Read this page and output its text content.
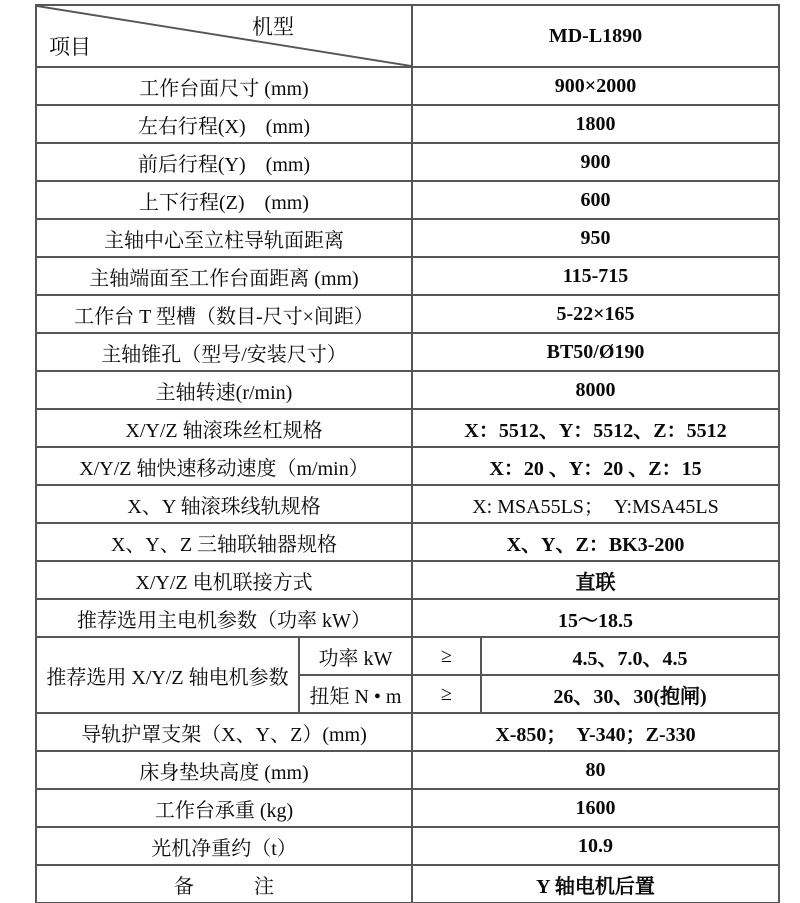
机型
项目		MD-L1890	
工作台面尺寸 (mm)		900×2000	
左右行程(X)　(mm)		1800	
前后行程(Y)　(mm)		900	
上下行程(Z)　(mm)		600	
主轴中心至立柱导轨面距离		950	
主轴端面至工作台面距离 (mm)		115-715	
工作台 T 型槽（数目-尺寸×间距）		5-22×165	
主轴锥孔（型号/安装尺寸）		BT50/Ø190	
主轴转速(r/min)		8000	
X/Y/Z 轴滚珠丝杠规格		X：5512、Y：5512、Z：5512	
X/Y/Z 轴快速移动速度（m/min）		X：20 、Y：20 、Z：15	
X、Y 轴滚珠线轨规格		X: MSA55LS；　Y:MSA45LS	
X、Y、Z 三轴联轴器规格		X、Y、Z：BK3-200	
X/Y/Z 电机联接方式		直联	
推荐选用主电机参数（功率 kW）		15～18.5	
推荐选用 X/Y/Z 轴电机参数	功率 kW	≥	4.5、7.0、4.5
	扭矩 N • m	≥	26、30、30(抱闸)
导轨护罩支架（X、Y、Z）(mm)		X-850；　Y-340；Z-330	
床身垫块高度 (mm)		80	
工作台承重 (kg)		1600	
光机净重约（t）		10.9	
备　　　注		Y 轴电机后置	
